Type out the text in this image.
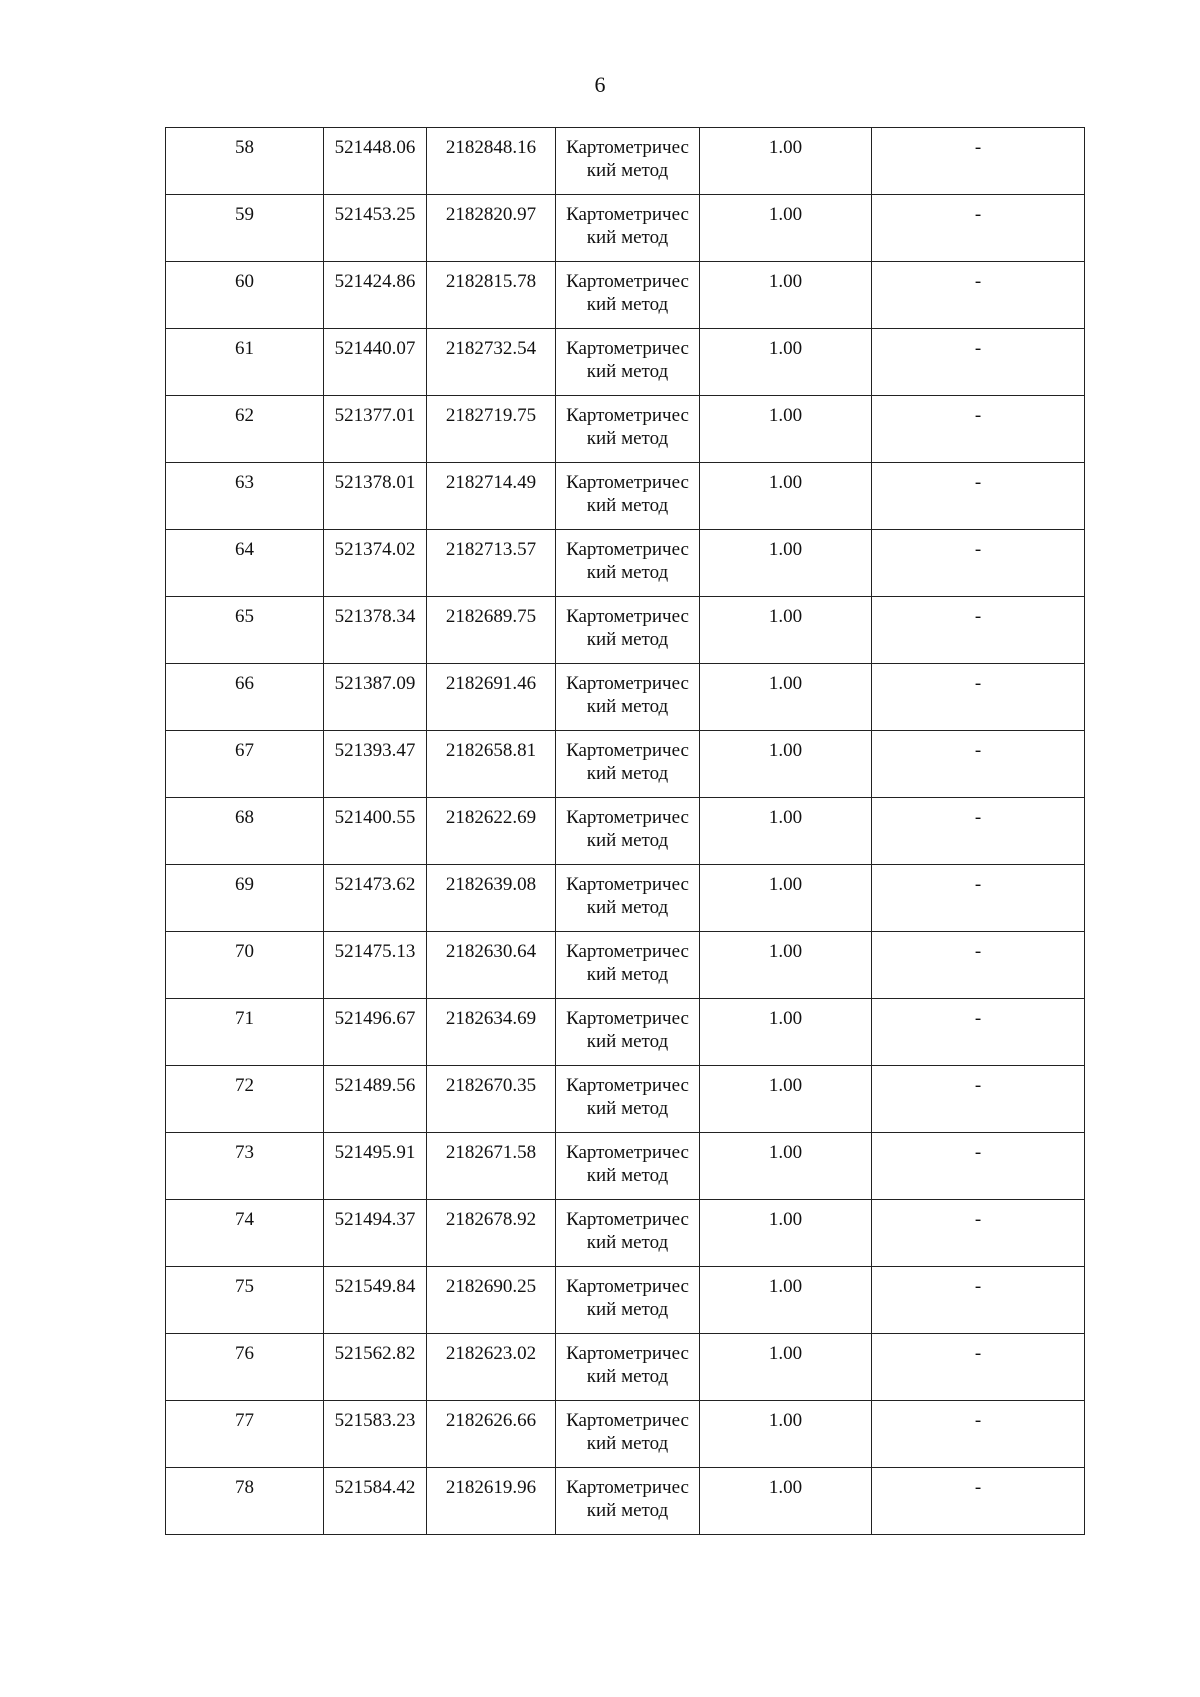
6
58	521448.06	2182848.16	Картометричес
кий метод	1.00	-
59	521453.25	2182820.97	Картометричес
кий метод	1.00	-
60	521424.86	2182815.78	Картометричес
кий метод	1.00	-
61	521440.07	2182732.54	Картометричес
кий метод	1.00	-
62	521377.01	2182719.75	Картометричес
кий метод	1.00	-
63	521378.01	2182714.49	Картометричес
кий метод	1.00	-
64	521374.02	2182713.57	Картометричес
кий метод	1.00	-
65	521378.34	2182689.75	Картометричес
кий метод	1.00	-
66	521387.09	2182691.46	Картометричес
кий метод	1.00	-
67	521393.47	2182658.81	Картометричес
кий метод	1.00	-
68	521400.55	2182622.69	Картометричес
кий метод	1.00	-
69	521473.62	2182639.08	Картометричес
кий метод	1.00	-
70	521475.13	2182630.64	Картометричес
кий метод	1.00	-
71	521496.67	2182634.69	Картометричес
кий метод	1.00	-
72	521489.56	2182670.35	Картометричес
кий метод	1.00	-
73	521495.91	2182671.58	Картометричес
кий метод	1.00	-
74	521494.37	2182678.92	Картометричес
кий метод	1.00	-
75	521549.84	2182690.25	Картометричес
кий метод	1.00	-
76	521562.82	2182623.02	Картометричес
кий метод	1.00	-
77	521583.23	2182626.66	Картометричес
кий метод	1.00	-
78	521584.42	2182619.96	Картометричес
кий метод	1.00	-
